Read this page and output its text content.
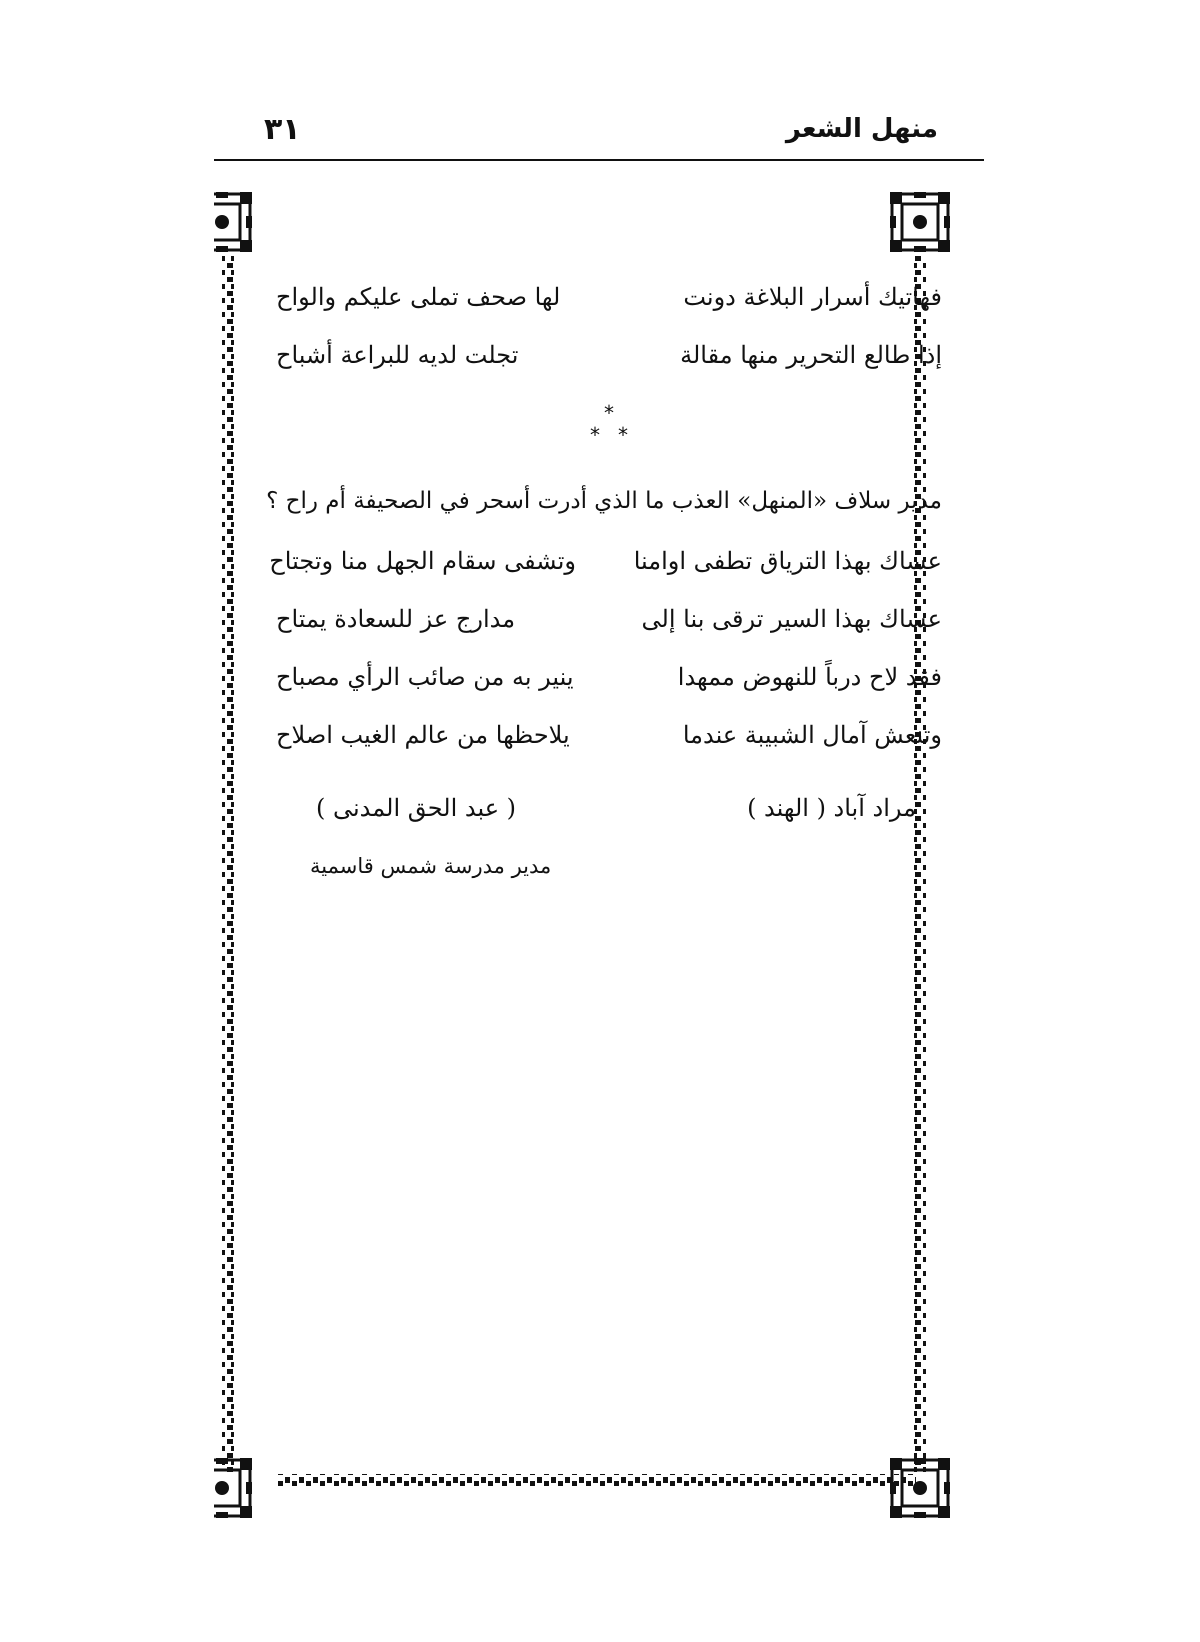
٣١	منهل الشعر
فهاتيك أسرار البلاغة دونت
لها صحف تملى عليكم والواح
إذا طالع التحرير منها مقالة
تجلت لديه للبراعة أشباح
*
* *
مدير سلاف «المنهل» العذب ما الذي أدرت أسحر في الصحيفة أم راح ؟
عساك بهذا الترياق تطفى اوامنا
وتشفى سقام الجهل منا وتجتاح
عساك بهذا السير ترقى بنا إلى
مدارج عز للسعادة يمتاح
فقد لاح درباً للنهوض ممهدا
ينير به من صائب الرأي مصباح
وتنعش آمال الشبيبة عندما
يلاحظها من عالم الغيب اصلاح
مراد آباد ( الهند )
( عبد الحق المدنى )
مدير مدرسة شمس قاسمية
